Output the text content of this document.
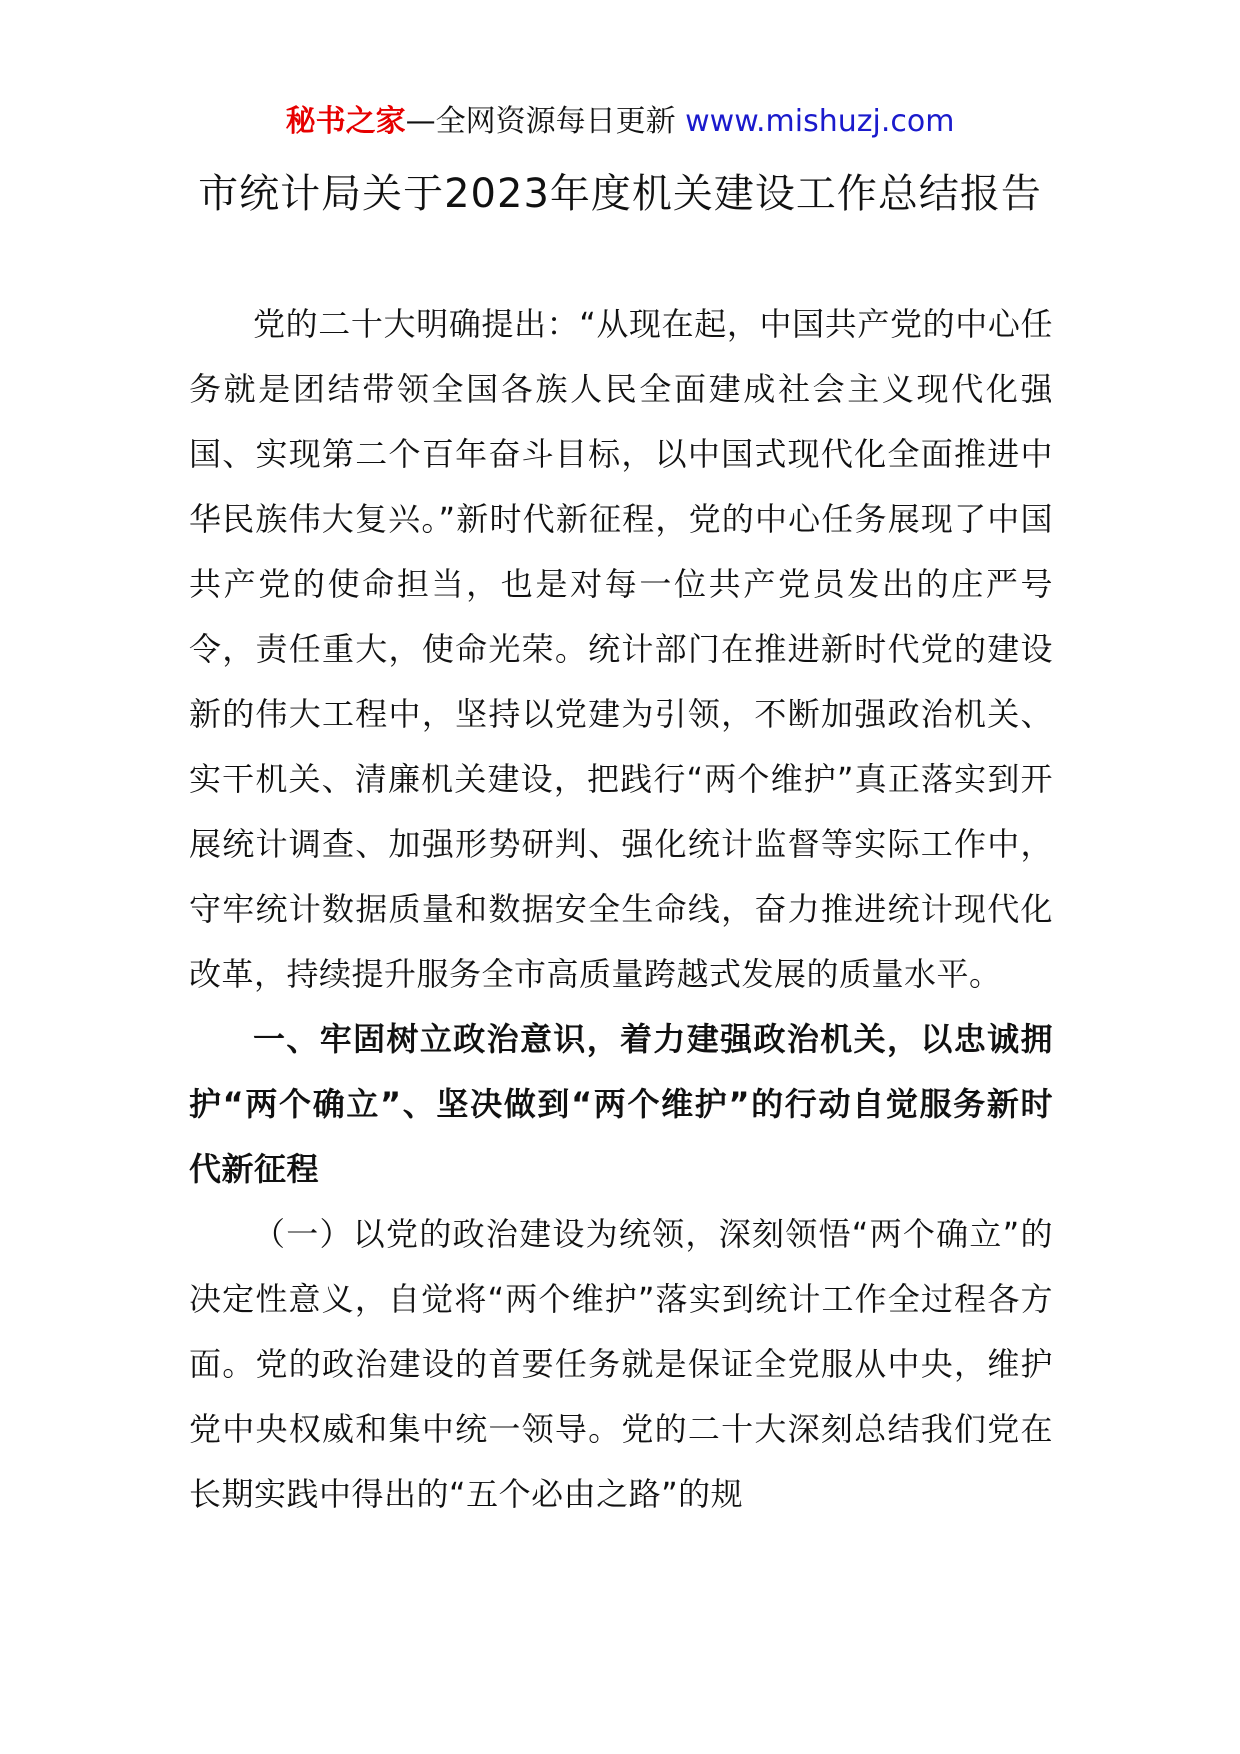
秘书之家—全网资源每日更新 www.mishuzj.com
市统计局关于2023年度机关建设工作总结报告

党的二十大明确提出：“从现在起，中国共产党的中心任务就是团结带领全国各族人民全面建成社会主义现代化强国、实现第二个百年奋斗目标，以中国式现代化全面推进中华民族伟大复兴。”新时代新征程，党的中心任务展现了中国共产党的使命担当，也是对每一位共产党员发出的庄严号令，责任重大，使命光荣。统计部门在推进新时代党的建设新的伟大工程中，坚持以党建为引领，不断加强政治机关、实干机关、清廉机关建设，把践行“两个维护”真正落实到开展统计调查、加强形势研判、强化统计监督等实际工作中，守牢统计数据质量和数据安全生命线，奋力推进统计现代化改革，持续提升服务全市高质量跨越式发展的质量水平。

一、牢固树立政治意识，着力建强政治机关，以忠诚拥护“两个确立”、坚决做到“两个维护”的行动自觉服务新时代新征程

（一）以党的政治建设为统领，深刻领悟“两个确立”的决定性意义，自觉将“两个维护”落实到统计工作全过程各方面。党的政治建设的首要任务就是保证全党服从中央，维护党中央权威和集中统一领导。党的二十大深刻总结我们党在长期实践中得出的“五个必由之路”的规
